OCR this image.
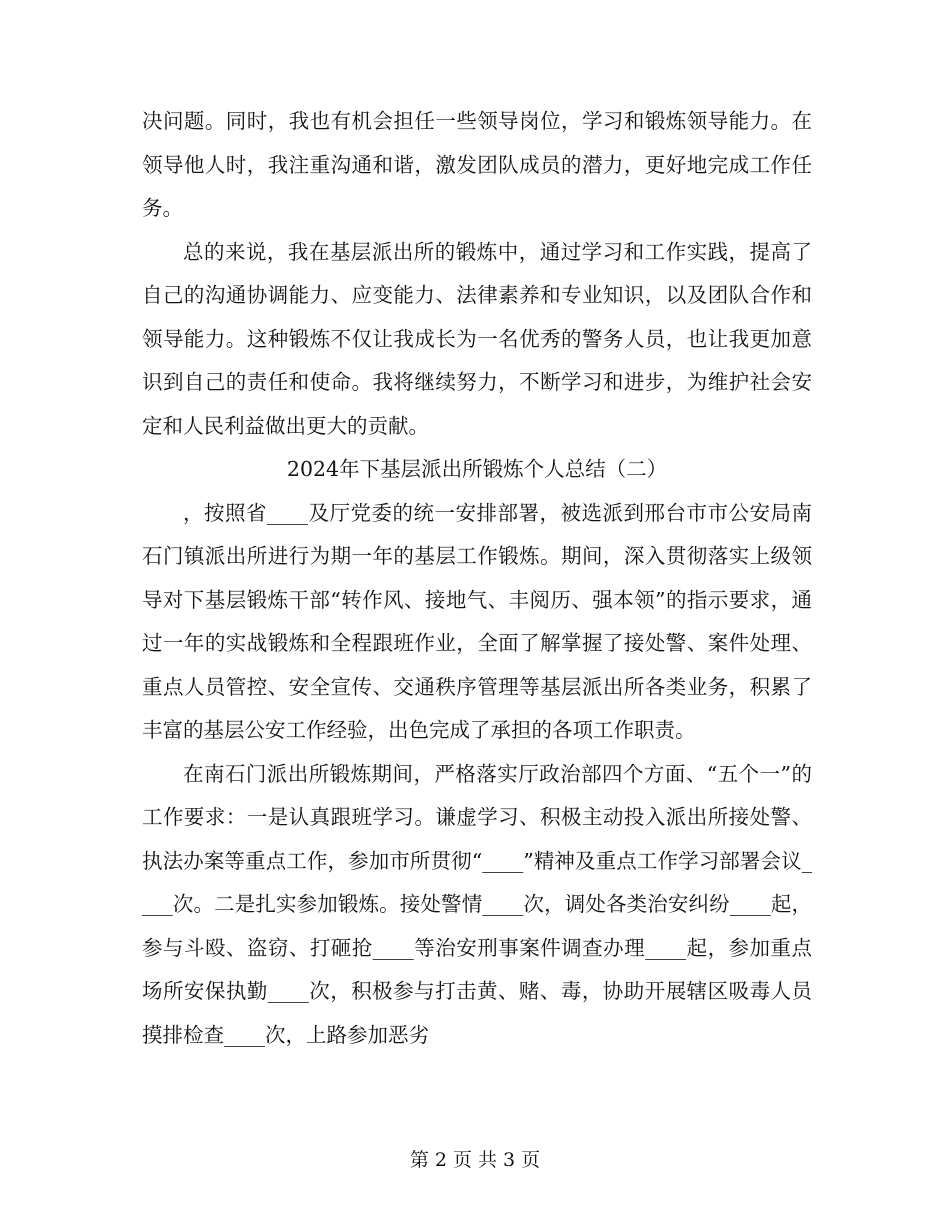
决问题。同时，我也有机会担任一些领导岗位，学习和锻炼领导能力。在领导他人时，我注重沟通和谐，激发团队成员的潜力，更好地完成工作任务。

总的来说，我在基层派出所的锻炼中，通过学习和工作实践，提高了自己的沟通协调能力、应变能力、法律素养和专业知识，以及团队合作和领导能力。这种锻炼不仅让我成长为一名优秀的警务人员，也让我更加意识到自己的责任和使命。我将继续努力，不断学习和进步，为维护社会安定和人民利益做出更大的贡献。

2024年下基层派出所锻炼个人总结（二）

，按照省____及厅党委的统一安排部署，被选派到邢台市市公安局南石门镇派出所进行为期一年的基层工作锻炼。期间，深入贯彻落实上级领导对下基层锻炼干部“转作风、接地气、丰阅历、强本领”的指示要求，通过一年的实战锻炼和全程跟班作业，全面了解掌握了接处警、案件处理、重点人员管控、安全宣传、交通秩序管理等基层派出所各类业务，积累了丰富的基层公安工作经验，出色完成了承担的各项工作职责。

在南石门派出所锻炼期间，严格落实厅政治部四个方面、“五个一”的工作要求：一是认真跟班学习。谦虚学习、积极主动投入派出所接处警、执法办案等重点工作，参加市所贯彻“____”精神及重点工作学习部署会议____次。二是扎实参加锻炼。接处警情____次，调处各类治安纠纷____起，参与斗殴、盗窃、打砸抢____等治安刑事案件调查办理____起，参加重点场所安保执勤____次，积极参与打击黄、赌、毒，协助开展辖区吸毒人员摸排检查____次，上路参加恶劣

第 2 页 共 3 页
